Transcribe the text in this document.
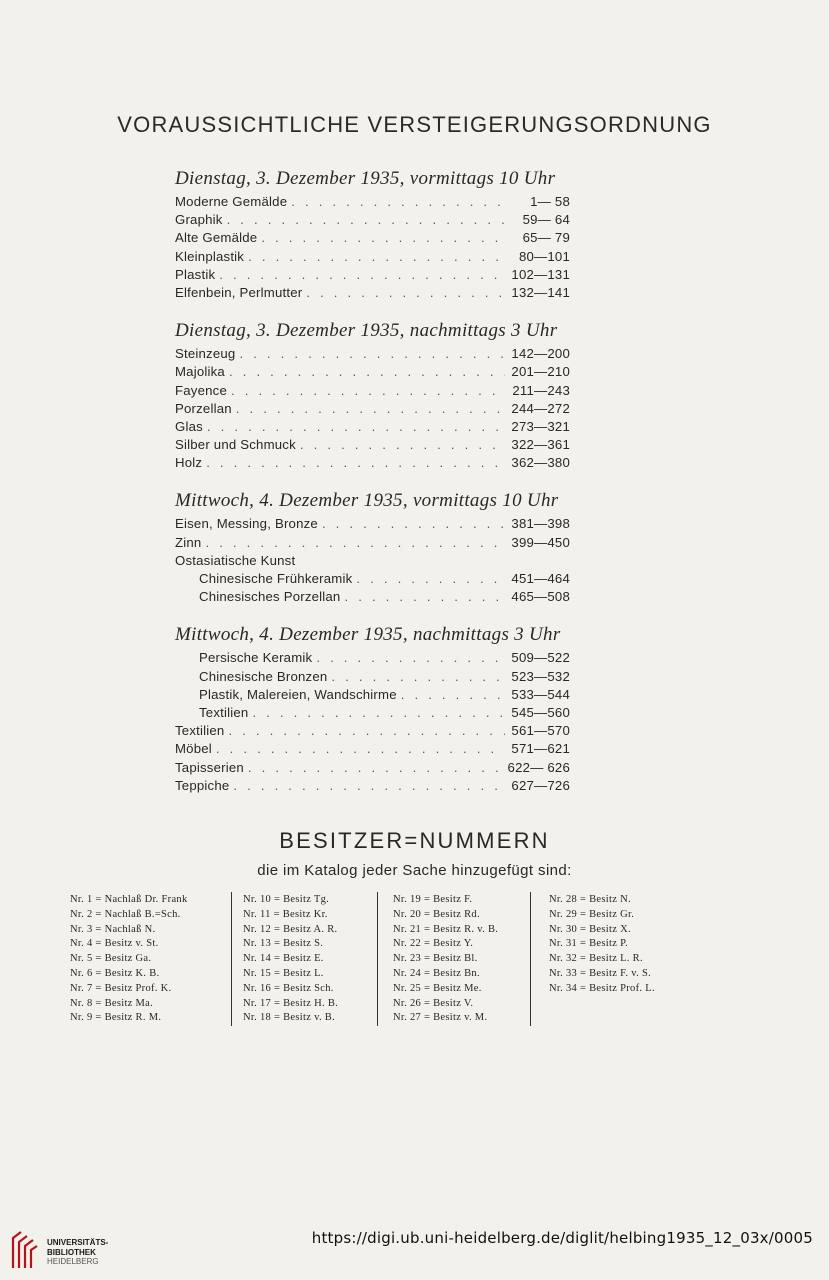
VORAUSSICHTLICHE VERSTEIGERUNGSORDNUNG
Dienstag, 3. Dezember 1935, vormittags 10 Uhr
Moderne Gemälde . . .	1— 58
Graphik . . .	59— 64
Alte Gemälde . . .	65— 79
Kleinplastik . . .	80—101
Plastik . . .	102—131
Elfenbein, Perlmutter . . .	132—141
Dienstag, 3. Dezember 1935, nachmittags 3 Uhr
Steinzeug . . .	142—200
Majolika . . .	201—210
Fayence . . .	211—243
Porzellan . . .	244—272
Glas . . .	273—321
Silber und Schmuck . . .	322—361
Holz . . .	362—380
Mittwoch, 4. Dezember 1935, vormittags 10 Uhr
Eisen, Messing, Bronze . . .	381—398
Zinn . . .	399—450
Ostasiatische Kunst
Chinesische Frühkeramik . . .	451—464
Chinesisches Porzellan . . .	465—508
Mittwoch, 4. Dezember 1935, nachmittags 3 Uhr
Persische Keramik . . .	509—522
Chinesische Bronzen . . .	523—532
Plastik, Malereien, Wandschirme . . .	533—544
Textilien . . .	545—560
Textilien . . .	561—570
Möbel . . .	571—621
Tapisserien . . .	622— 626
Teppiche . . .	627—726
BESITZER=NUMMERN
die im Katalog jeder Sache hinzugefügt sind:
Nr. 1 = Nachlaß Dr. Frank
Nr. 2 = Nachlaß B.=Sch.
Nr. 3 = Nachlaß N.
Nr. 4 = Besitz v. St.
Nr. 5 = Besitz Ga.
Nr. 6 = Besitz K. B.
Nr. 7 = Besitz Prof. K.
Nr. 8 = Besitz Ma.
Nr. 9 = Besitz R. M.
Nr. 10 = Besitz Tg.
Nr. 11 = Besitz Kr.
Nr. 12 = Besitz A. R.
Nr. 13 = Besitz S.
Nr. 14 = Besitz E.
Nr. 15 = Besitz L.
Nr. 16 = Besitz Sch.
Nr. 17 = Besitz H. B.
Nr. 18 = Besitz v. B.
Nr. 19 = Besitz F.
Nr. 20 = Besitz Rd.
Nr. 21 = Besitz R. v. B.
Nr. 22 = Besitz Y.
Nr. 23 = Besitz Bl.
Nr. 24 = Besitz Bn.
Nr. 25 = Besitz Me.
Nr. 26 = Besitz V.
Nr. 27 = Besitz v. M.
Nr. 28 = Besitz N.
Nr. 29 = Besitz Gr.
Nr. 30 = Besitz X.
Nr. 31 = Besitz P.
Nr. 32 = Besitz L. R.
Nr. 33 = Besitz F. v. S.
Nr. 34 = Besitz Prof. L.
UNIVERSITÄTS-
BIBLIOTHEK
HEIDELBERG
https://digi.ub.uni-heidelberg.de/diglit/helbing1935_12_03x/0005
